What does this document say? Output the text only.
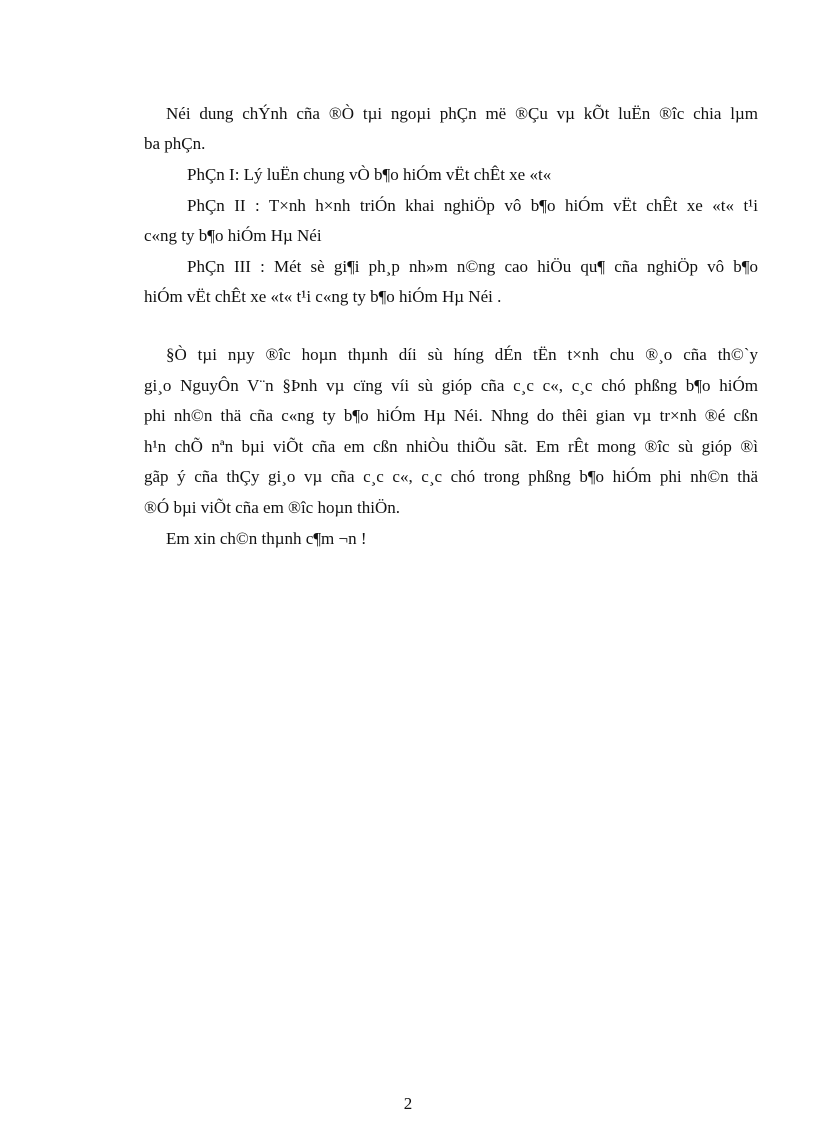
Néi dung chÝnh cña ®Ò tµi ngoµi phÇn më ®Çu vµ kÕt luËn ®îc chia lµm
ba phÇn.
PhÇn I: Lý luËn chung vÒ b¶o hiÓm vËt chÊt xe «t«
PhÇn II : T×nh h×nh triÓn khai nghiÖp vô b¶o hiÓm vËt chÊt xe «t« t¹i
c«ng ty b¶o hiÓm Hµ Néi
PhÇn III : Mét sè gi¶i ph¸p nh»m n©ng cao hiÖu qu¶ cña nghiÖp vô b¶o
hiÓm vËt chÊt xe «t« t¹i c«ng ty b¶o hiÓm Hµ Néi .
§Ò tµi nµy ®îc hoµn thµnh díi sù híng dÉn tËn t×nh chu ®¸o cña th©`y
gi¸o NguyÔn V¨n §Þnh vµ cïng víi sù gióp cña c¸c c«, c¸c chó phßng b¶o hiÓm
phi nh©n thä cña c«ng ty b¶o hiÓm Hµ Néi. Nhng do thêi gian vµ tr×nh ®é cßn
h¹n chÕ nªn bµi viÕt cña em cßn nhiÒu thiÕu sãt. Em rÊt mong ®îc sù gióp ®ì
gãp ý cña thÇy gi¸o vµ cña c¸c c«, c¸c chó trong phßng b¶o hiÓm phi nh©n thä
®Ó bµi viÕt cña em ®îc hoµn thiÖn.
Em xin ch©n thµnh c¶m ¬n !
2
